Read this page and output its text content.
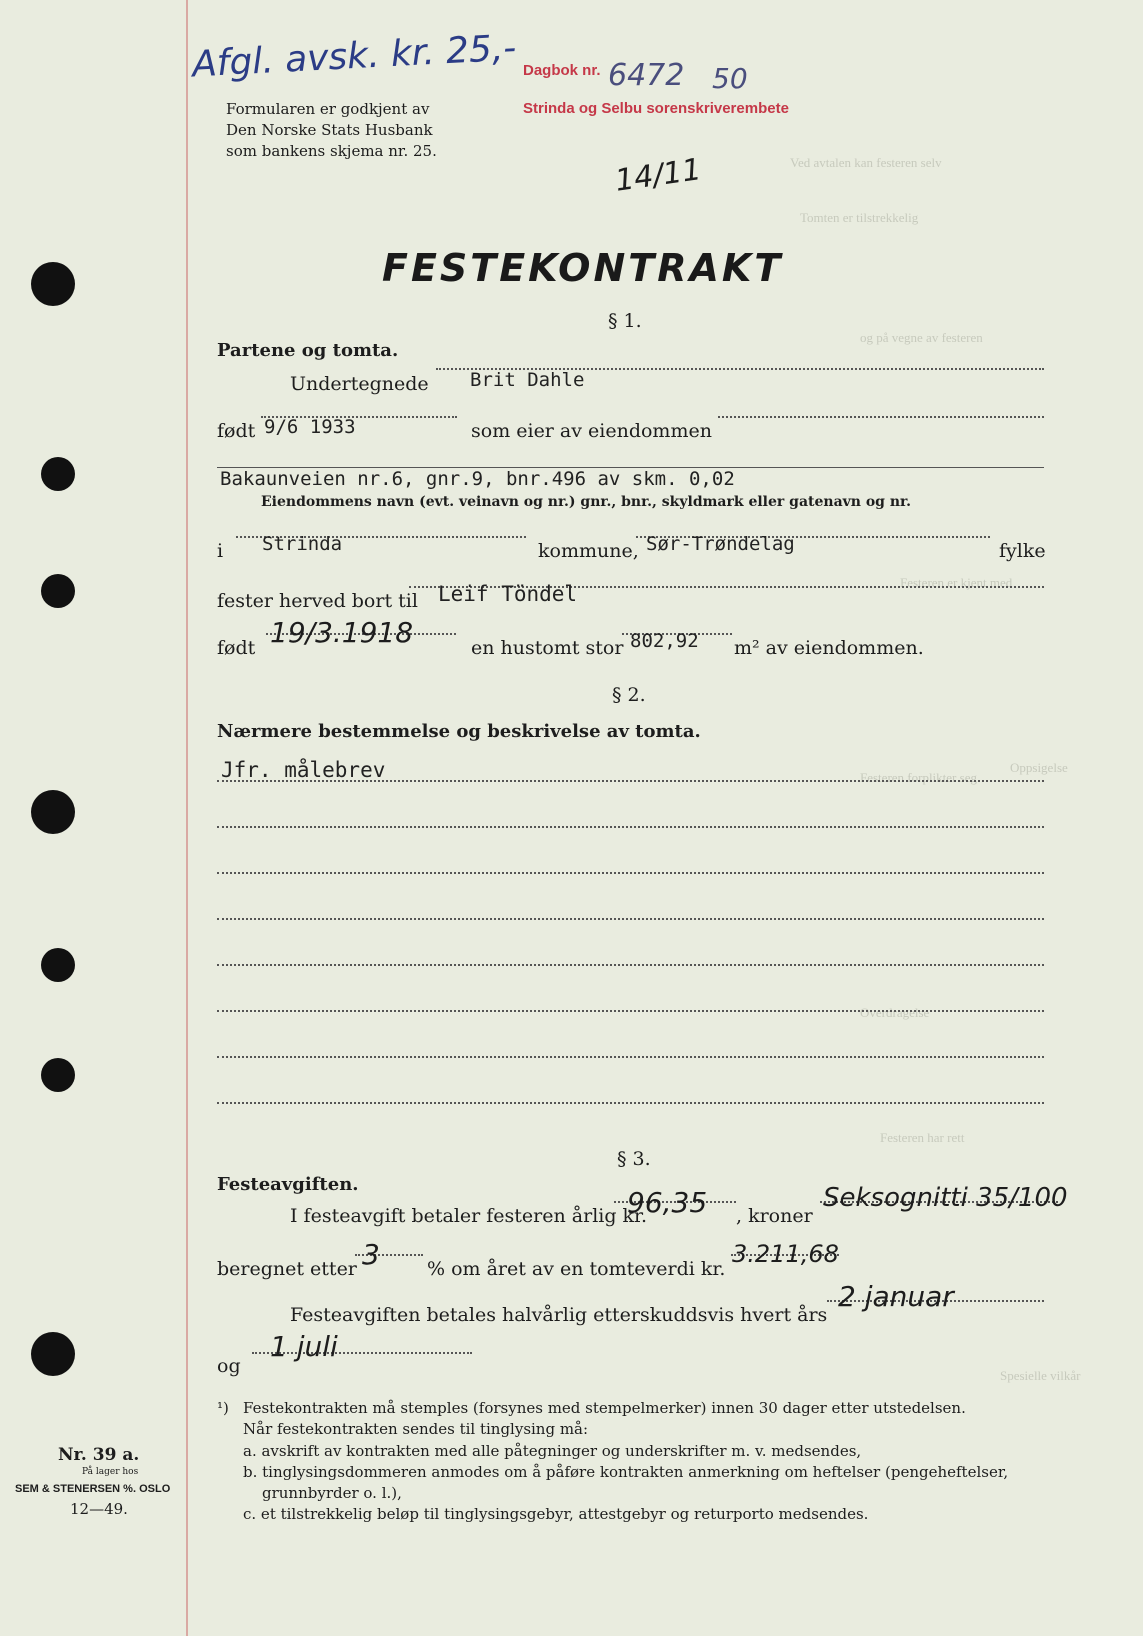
Ved avtalen kan festeren selv
Tomten er tilstrekkelig
og på vegne av festeren
Festeren er kjent med
Festeren forplikter seg
Oppsigelse
Overdragelse
Festeren har rett
Spesielle vilkår
Afgl. avsk. kr. 25,- Dagbok nr. 6472 50
Strinda og Selbu sorenskriverembete
Formularen er godkjent av
Den Norske Stats Husbank
som bankens skjema nr. 25.
14/11
FESTEKONTRAKT
§ 1.
Partene og tomta.
Undertegnede Brit Dahle
født 9/6 1933	som eier av eiendommen
Bakaunveien nr.6, gnr.9, bnr.496 av skm. 0,02
Eiendommens navn (evt. veinavn og nr.) gnr., bnr., skyldmark eller gatenavn og nr.
i Strinda	kommune, Sør-Trøndelag	fylke
fester herved bort til Leif Töndel
født 19/3.1918	en hustomt stor 802,92 m² av eiendommen.
§ 2.
Nærmere bestemmelse og beskrivelse av tomta.
Jfr. målebrev
§ 3.
Festeavgiften.
I festeavgift betaler festeren årlig kr.
96,35 , kroner
Seksognitti 35/100
beregnet etter 3 % om året av en tomteverdi kr.
3.211,68
Festeavgiften betales halvårlig etterskuddsvis hvert års
2 januar
og
1 juli
¹) Festekontrakten må stemples (forsynes med stempelmerker) innen 30 dager etter utstedelsen.
Når festekontrakten sendes til tinglysing må:
a. avskrift av kontrakten med alle påtegninger og underskrifter m. v. medsendes,
b. tinglysingsdommeren anmodes om å påføre kontrakten anmerkning om heftelser (pengeheftelser,
grunnbyrder o. l.),
c. et tilstrekkelig beløp til tinglysingsgebyr, attestgebyr og returporto medsendes.
Nr. 39 a.
På lager hos
SEM & STENERSEN %. OSLO
12—49.
